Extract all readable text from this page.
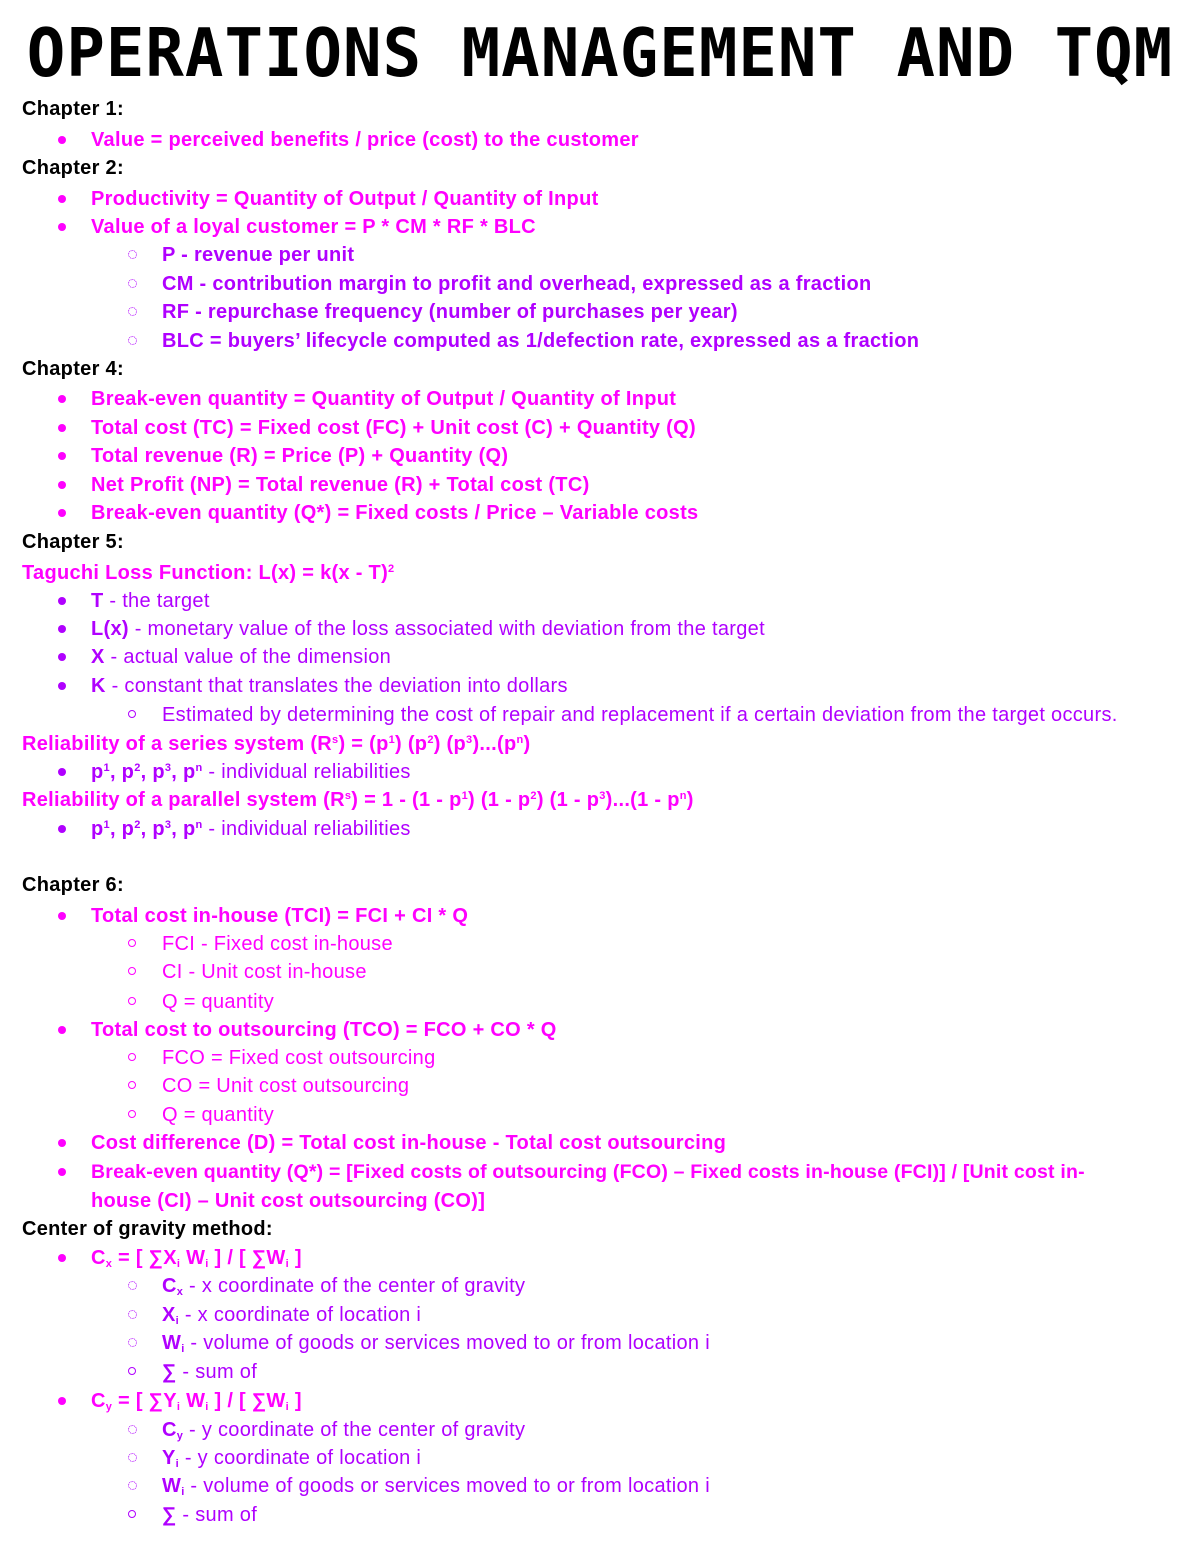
OPERATIONS MANAGEMENT AND TQM
Chapter 1:
Value = perceived benefits / price (cost) to the customer
Chapter 2:
Productivity = Quantity of Output / Quantity of Input
Value of a loyal customer = P * CM * RF * BLC
P - revenue per unit
CM - contribution margin to profit and overhead, expressed as a fraction
RF - repurchase frequency (number of purchases per year)
BLC = buyers’ lifecycle computed as 1/defection rate, expressed as a fraction
Chapter 4:
Break-even quantity = Quantity of Output / Quantity of Input
Total cost (TC) = Fixed cost (FC) + Unit cost (C) + Quantity (Q)
Total revenue (R) = Price (P) + Quantity (Q)
Net Profit (NP) = Total revenue (R) + Total cost (TC)
Break-even quantity (Q*) = Fixed costs / Price – Variable costs
Chapter 5:
Taguchi Loss Function: L(x) = k(x - T)$^2$
T - the target
L(x) - monetary value of the loss associated with deviation from the target
X - actual value of the dimension
K - constant that translates the deviation into dollars
Estimated by determining the cost of repair and replacement if a certain deviation from the target occurs.
Reliability of a series system $(R^s) = (p^1)$ $(p^2)$ $(p^3)...(p^n)$
$p^1$, $p^2$, $p^3$, $p^n$ - individual reliabilities
Reliability of a parallel system $(R^s) = 1 - (1 - p^1)$ $(1 - p^2)$ $(1 - p^3)...(1 - p^n)$
$p^1$, $p^2$, $p^3$, $p^n$ - individual reliabilities
Chapter 6:
Total cost in-house (TCI) = FCI + CI * Q
FCI - Fixed cost in-house
CI - Unit cost in-house
Q = quantity
Total cost to outsourcing (TCO) = FCO + CO * Q
FCO = Fixed cost outsourcing
CO = Unit cost outsourcing
Q = quantity
Cost difference (D) = Total cost in-house - Total cost outsourcing
Break-even quantity (Q*) = [Fixed costs of outsourcing (FCO) – Fixed costs in-house (FCI)] / [Unit cost in-
house (CI) – Unit cost outsourcing (CO)]
Center of gravity method:
$C_x$ = [ $\sum X_i$ $W_i$ ] / [ $\sum W_i$ ]
$C_x$ - x coordinate of the center of gravity
$X_i$ - x coordinate of location i
$W_i$ - volume of goods or services moved to or from location i
∑ - sum of
$C_y$ = [ $\sum Y_i$ $W_i$ ] / [ $\sum W_i$ ]
$C_y$ - y coordinate of the center of gravity
$Y_i$ - y coordinate of location i
$W_i$ - volume of goods or services moved to or from location i
∑ - sum of
